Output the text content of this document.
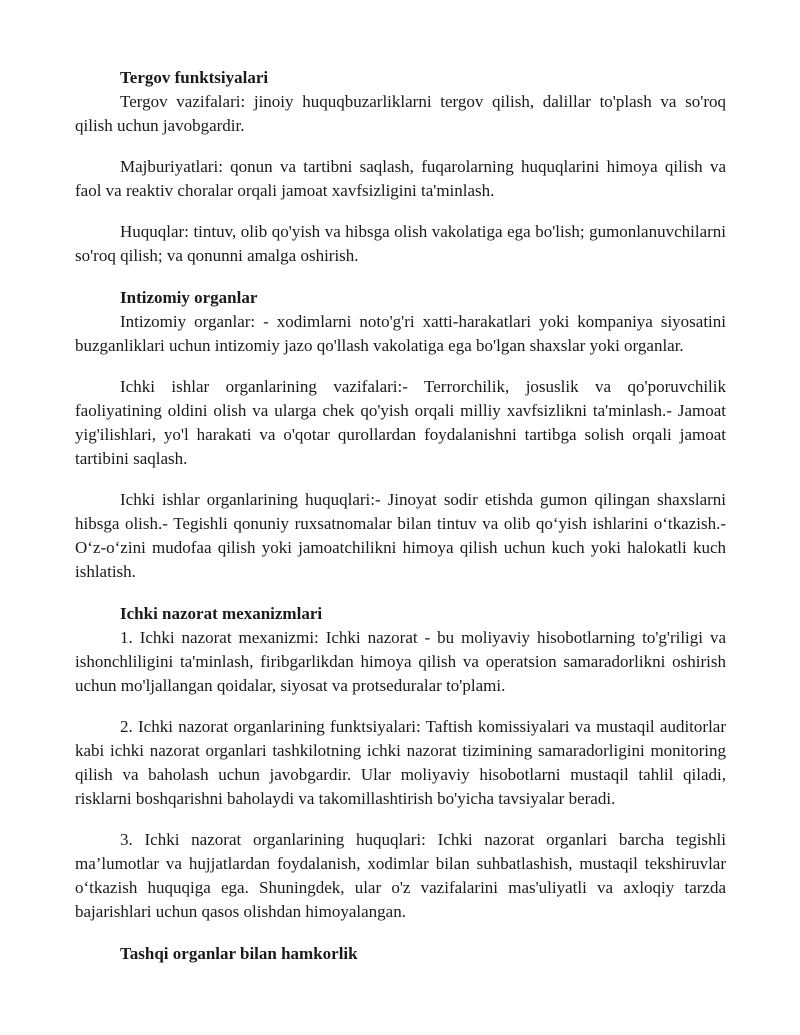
Tergov funktsiyalari

Tergov vazifalari: jinoiy huquqbuzarliklarni tergov qilish, dalillar to'plash va so'roq qilish uchun javobgardir.

Majburiyatlari: qonun va tartibni saqlash, fuqarolarning huquqlarini himoya qilish va faol va reaktiv choralar orqali jamoat xavfsizligini ta'minlash.

Huquqlar: tintuv, olib qo'yish va hibsga olish vakolatiga ega bo'lish; gumonlanuvchilarni so'roq qilish; va qonunni amalga oshirish.

Intizomiy organlar

Intizomiy organlar: - xodimlarni noto'g'ri xatti-harakatlari yoki kompaniya siyosatini buzganliklari uchun intizomiy jazo qo'llash vakolatiga ega bo'lgan shaxslar yoki organlar.

Ichki ishlar organlarining vazifalari:- Terrorchilik, josuslik va qo'poruvchilik faoliyatining oldini olish va ularga chek qo'yish orqali milliy xavfsizlikni ta'minlash.- Jamoat yig'ilishlari, yo'l harakati va o'qotar qurollardan foydalanishni tartibga solish orqali jamoat tartibini saqlash.

Ichki ishlar organlarining huquqlari:- Jinoyat sodir etishda gumon qilingan shaxslarni hibsga olish.- Tegishli qonuniy ruxsatnomalar bilan tintuv va olib qo‘yish ishlarini o‘tkazish.- O‘z-o‘zini mudofaa qilish yoki jamoatchilikni himoya qilish uchun kuch yoki halokatli kuch ishlatish.

Ichki nazorat mexanizmlari

1. Ichki nazorat mexanizmi: Ichki nazorat - bu moliyaviy hisobotlarning to'g'riligi va ishonchliligini ta'minlash, firibgarlikdan himoya qilish va operatsion samaradorlikni oshirish uchun mo'ljallangan qoidalar, siyosat va protseduralar to'plami.

2. Ichki nazorat organlarining funktsiyalari: Taftish komissiyalari va mustaqil auditorlar kabi ichki nazorat organlari tashkilotning ichki nazorat tizimining samaradorligini monitoring qilish va baholash uchun javobgardir. Ular moliyaviy hisobotlarni mustaqil tahlil qiladi, risklarni boshqarishni baholaydi va takomillashtirish bo'yicha tavsiyalar beradi.

3. Ichki nazorat organlarining huquqlari: Ichki nazorat organlari barcha tegishli ma’lumotlar va hujjatlardan foydalanish, xodimlar bilan suhbatlashish, mustaqil tekshiruvlar o‘tkazish huquqiga ega. Shuningdek, ular o'z vazifalarini mas'uliyatli va axloqiy tarzda bajarishlari uchun qasos olishdan himoyalangan.

Tashqi organlar bilan hamkorlik
